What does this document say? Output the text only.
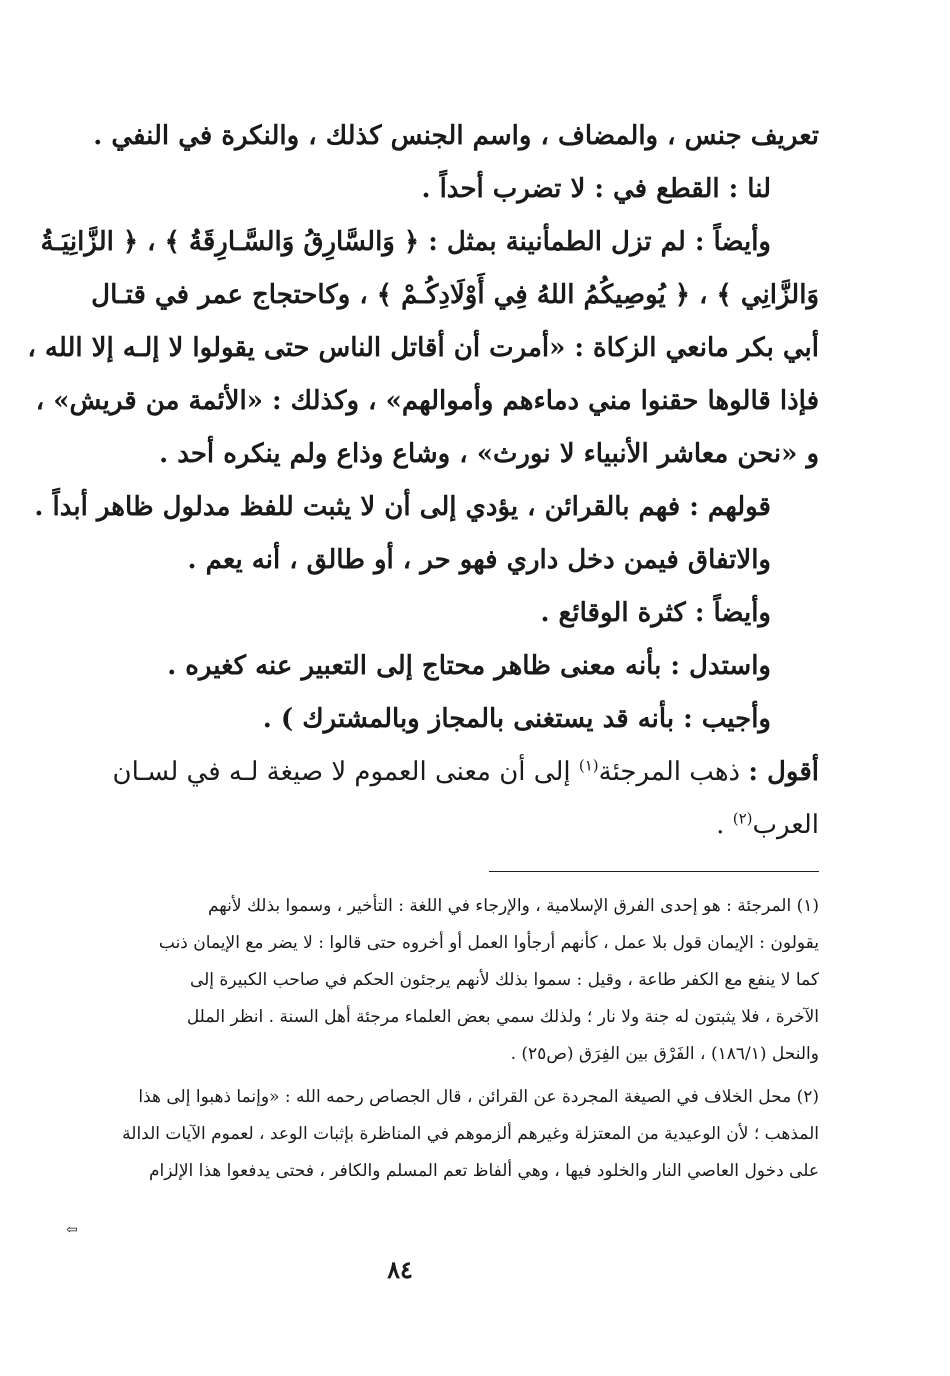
تعريف جنس ، والمضاف ، واسم الجنس كذلك ، والنكرة في النفي .
لنا : القطع في : لا تضرب أحداً .
وأيضاً : لم تزل الطمأنينة بمثل : ﴿ وَالسَّارِقُ وَالسَّـارِقَةُ ﴾ ، ﴿ الزَّانِيَـةُ
وَالزَّانِي ﴾ ، ﴿ يُوصِيكُمُ اللهُ فِي أَوْلَادِكُـمْ ﴾ ، وكاحتجاج عمر في قتـال
أبي بكر مانعي الزكاة : «أمرت أن أقاتل الناس حتى يقولوا لا إلـه إلا الله ،
فإذا قالوها حقنوا مني دماءهم وأموالهم» ، وكذلك : «الأئمة من قريش» ،
و «نحن معاشر الأنبياء لا نورث» ، وشاع وذاع ولم ينكره أحد .
قولهم : فهم بالقرائن ، يؤدي إلى أن لا يثبت للفظ مدلول ظاهر أبداً .
والاتفاق فيمن دخل داري فهو حر ، أو طالق ، أنه يعم .
وأيضاً : كثرة الوقائع .
واستدل : بأنه معنى ظاهر محتاج إلى التعبير عنه كغيره .
وأجيب : بأنه قد يستغنى بالمجاز وبالمشترك ) .
أقول : ذهب المرجئة$^{(١)}$ إلى أن معنى العموم لا صيغة لـه في لسـان
العرب$^{(٢)}$ .
(١) المرجئة : هو إحدى الفرق الإسلامية ، والإرجاء في اللغة : التأخير ، وسموا بذلك لأنهم
يقولون : الإيمان قول بلا عمل ، كأنهم أرجأوا العمل أو أخروه حتى قالوا : لا يضر مع الإيمان ذنب
كما لا ينفع مع الكفر طاعة ، وقيل : سموا بذلك لأنهم يرجئون الحكم في صاحب الكبيرة إلى
الآخرة ، فلا يثبتون له جنة ولا نار ؛ ولذلك سمي بعض العلماء مرجئة أهل السنة . انظر الملل
والنحل (١٨٦/١) ، الفَرْق بين الفِرَق (ص٢٥) .
(٢) محل الخلاف في الصيغة المجردة عن القرائن ، قال الجصاص رحمه الله : «وإنما ذهبوا إلى هذا
المذهب ؛ لأن الوعيدية من المعتزلة وغيرهم ألزموهم في المناظرة بإثبات الوعد ، لعموم الآيات الدالة
على دخول العاصي النار والخلود فيها ، وهي ألفاظ تعم المسلم والكافر ، فحتى يدفعوا هذا الإلزام
⇦
٨٤
